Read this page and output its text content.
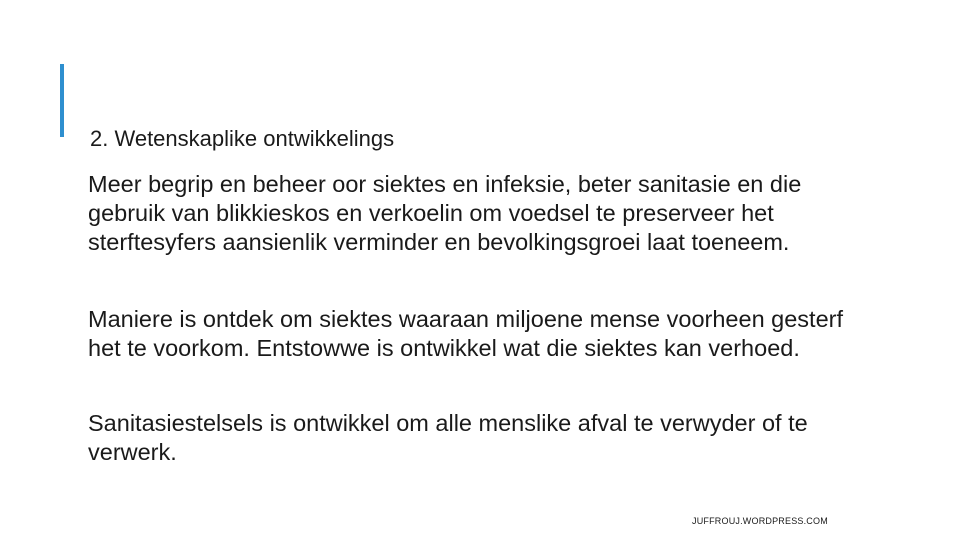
2. Wetenskaplike ontwikkelings

Meer begrip en beheer oor siektes en infeksie, beter sanitasie en die gebruik van blikkieskos en verkoelin om voedsel te preserveer het sterftesyfers aansienlik verminder en bevolkingsgroei laat toeneem.

Maniere is ontdek om siektes waaraan miljoene mense voorheen gesterf het te voorkom. Entstowwe is ontwikkel wat die siektes kan verhoed.

Sanitasiestelsels is ontwikkel om alle menslike afval te verwyder of te verwerk.

JUFFROUJ.WORDPRESS.COM
